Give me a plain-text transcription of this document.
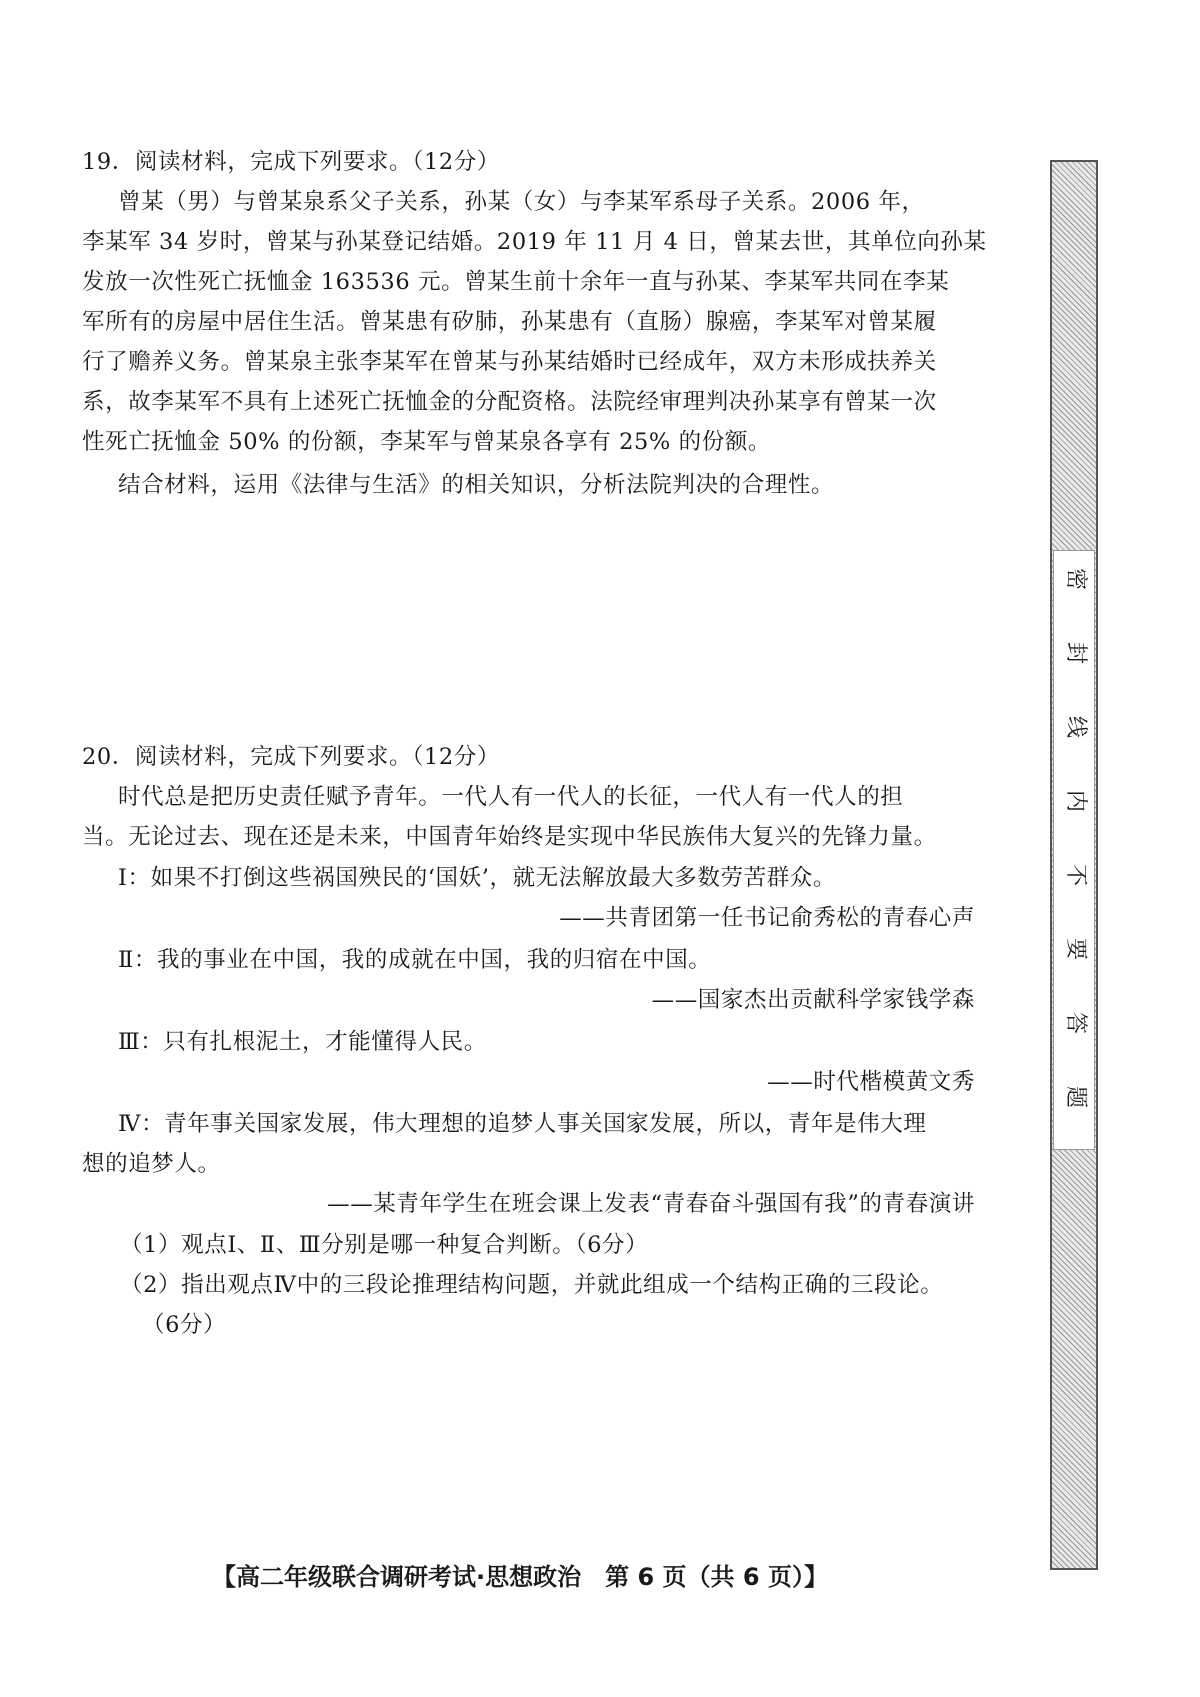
19．阅读材料，完成下列要求。（12分）
曾某（男）与曾某泉系父子关系，孙某（女）与李某军系母子关系。2006 年，
李某军 34 岁时，曾某与孙某登记结婚。2019 年 11 月 4 日，曾某去世，其单位向孙某
发放一次性死亡抚恤金 163536 元。曾某生前十余年一直与孙某、李某军共同在李某
军所有的房屋中居住生活。曾某患有矽肺，孙某患有（直肠）腺癌，李某军对曾某履
行了赡养义务。曾某泉主张李某军在曾某与孙某结婚时已经成年，双方未形成扶养关
系，故李某军不具有上述死亡抚恤金的分配资格。法院经审理判决孙某享有曾某一次
性死亡抚恤金 50% 的份额，李某军与曾某泉各享有 25% 的份额。
结合材料，运用《法律与生活》的相关知识，分析法院判决的合理性。
20．阅读材料，完成下列要求。（12分）
时代总是把历史责任赋予青年。一代人有一代人的长征，一代人有一代人的担
当。无论过去、现在还是未来，中国青年始终是实现中华民族伟大复兴的先锋力量。
Ⅰ：如果不打倒这些祸国殃民的‘国妖’，就无法解放最大多数劳苦群众。
——共青团第一任书记俞秀松的青春心声
Ⅱ：我的事业在中国，我的成就在中国，我的归宿在中国。
——国家杰出贡献科学家钱学森
Ⅲ：只有扎根泥土，才能懂得人民。
——时代楷模黄文秀
Ⅳ：青年事关国家发展，伟大理想的追梦人事关国家发展，所以，青年是伟大理
想的追梦人。
——某青年学生在班会课上发表“青春奋斗强国有我”的青春演讲
（1）观点Ⅰ、Ⅱ、Ⅲ分别是哪一种复合判断。（6分）
（2）指出观点Ⅳ中的三段论推理结构问题，并就此组成一个结构正确的三段论。
（6分）
密
封
线
内
不
要
答
题
【高二年级联合调研考试·思想政治　第 6 页（共 6 页）】
